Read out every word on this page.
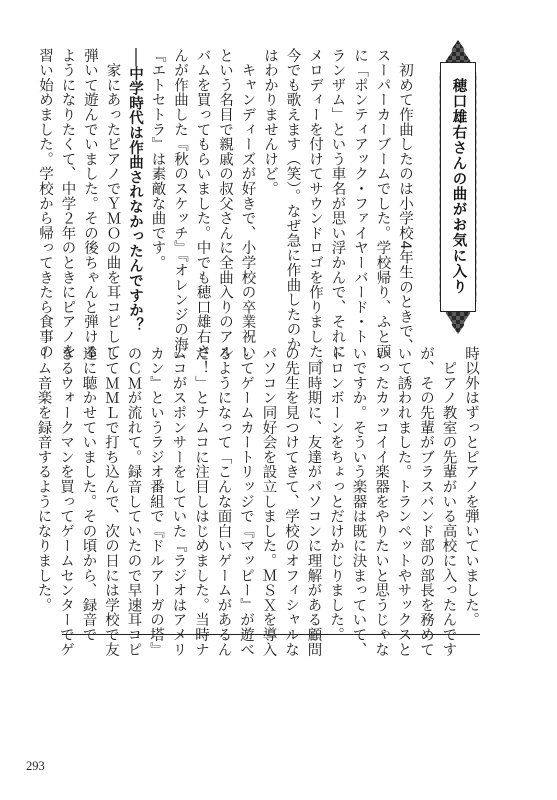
穂口雄右さんの
曲がお気に入り
　初めて作曲したのは小学校4年生のときで、
スーパーカーブームでした。学校帰り、ふと頭
に「ポンティアック・ファイヤーバード・ト
ランザム」という車名が思い浮かんで、それに
メロディーを付けてサウンドロゴを作りました。
今でも歌えます（笑）。なぜ急に作曲したのか
はわかりませんけど。
　キャンディーズが好きで、小学校の卒業祝い
という名目で親戚の叔父さんに全曲入りのアル
バムを買ってもらいました。中でも穂口雄右さ
んが作曲した『秋のスケッチ』『オレンジの海』
『エトセトラ』は素敵な曲です。
──中学時代は作曲されなかったんですか？
　家にあったピアノでＹＭＯの曲を耳コピして
弾いて遊んでいました。その後ちゃんと弾ける
ようになりたくて、中学２年のときにピアノを
習い始めました。学校から帰ってきたら食事の
時以外はずっとピアノを弾いていました。
　ピアノ教室の先輩がいる高校に入ったんです
が、その先輩がブラスバンド部の部長を務めて
いて誘われました。トランペットやサックスと
いったカッコイイ楽器をやりたいと思うじゃな
いですか。そういう楽器は既に決まっていて、
トロンボーンをちょっとだけかじりました。
　同時期に、友達がパソコンに理解がある顧問
の先生を見つけてきて、学校のオフィシャルな
パソコン同好会を設立しました。ＭＳＸを導入
してゲームカートリッジで『マッピー』が遊べ
るようになって「こんな面白いゲームがあるん
だ！」とナムコに注目しはじめました。当時ナ
ムコがスポンサーをしていた『ラジオはアメリ
カン』というラジオ番組で『ドルアーガの塔』
のＣＭが流れて。録音していたので早速耳コピ
してＭＭＬで打ち込んで、次の日には学校で友
達に聴かせていました。その頃から、録音で
きるウォークマンを買ってゲームセンターでゲ
ーム音楽を録音するようになりました。
293
